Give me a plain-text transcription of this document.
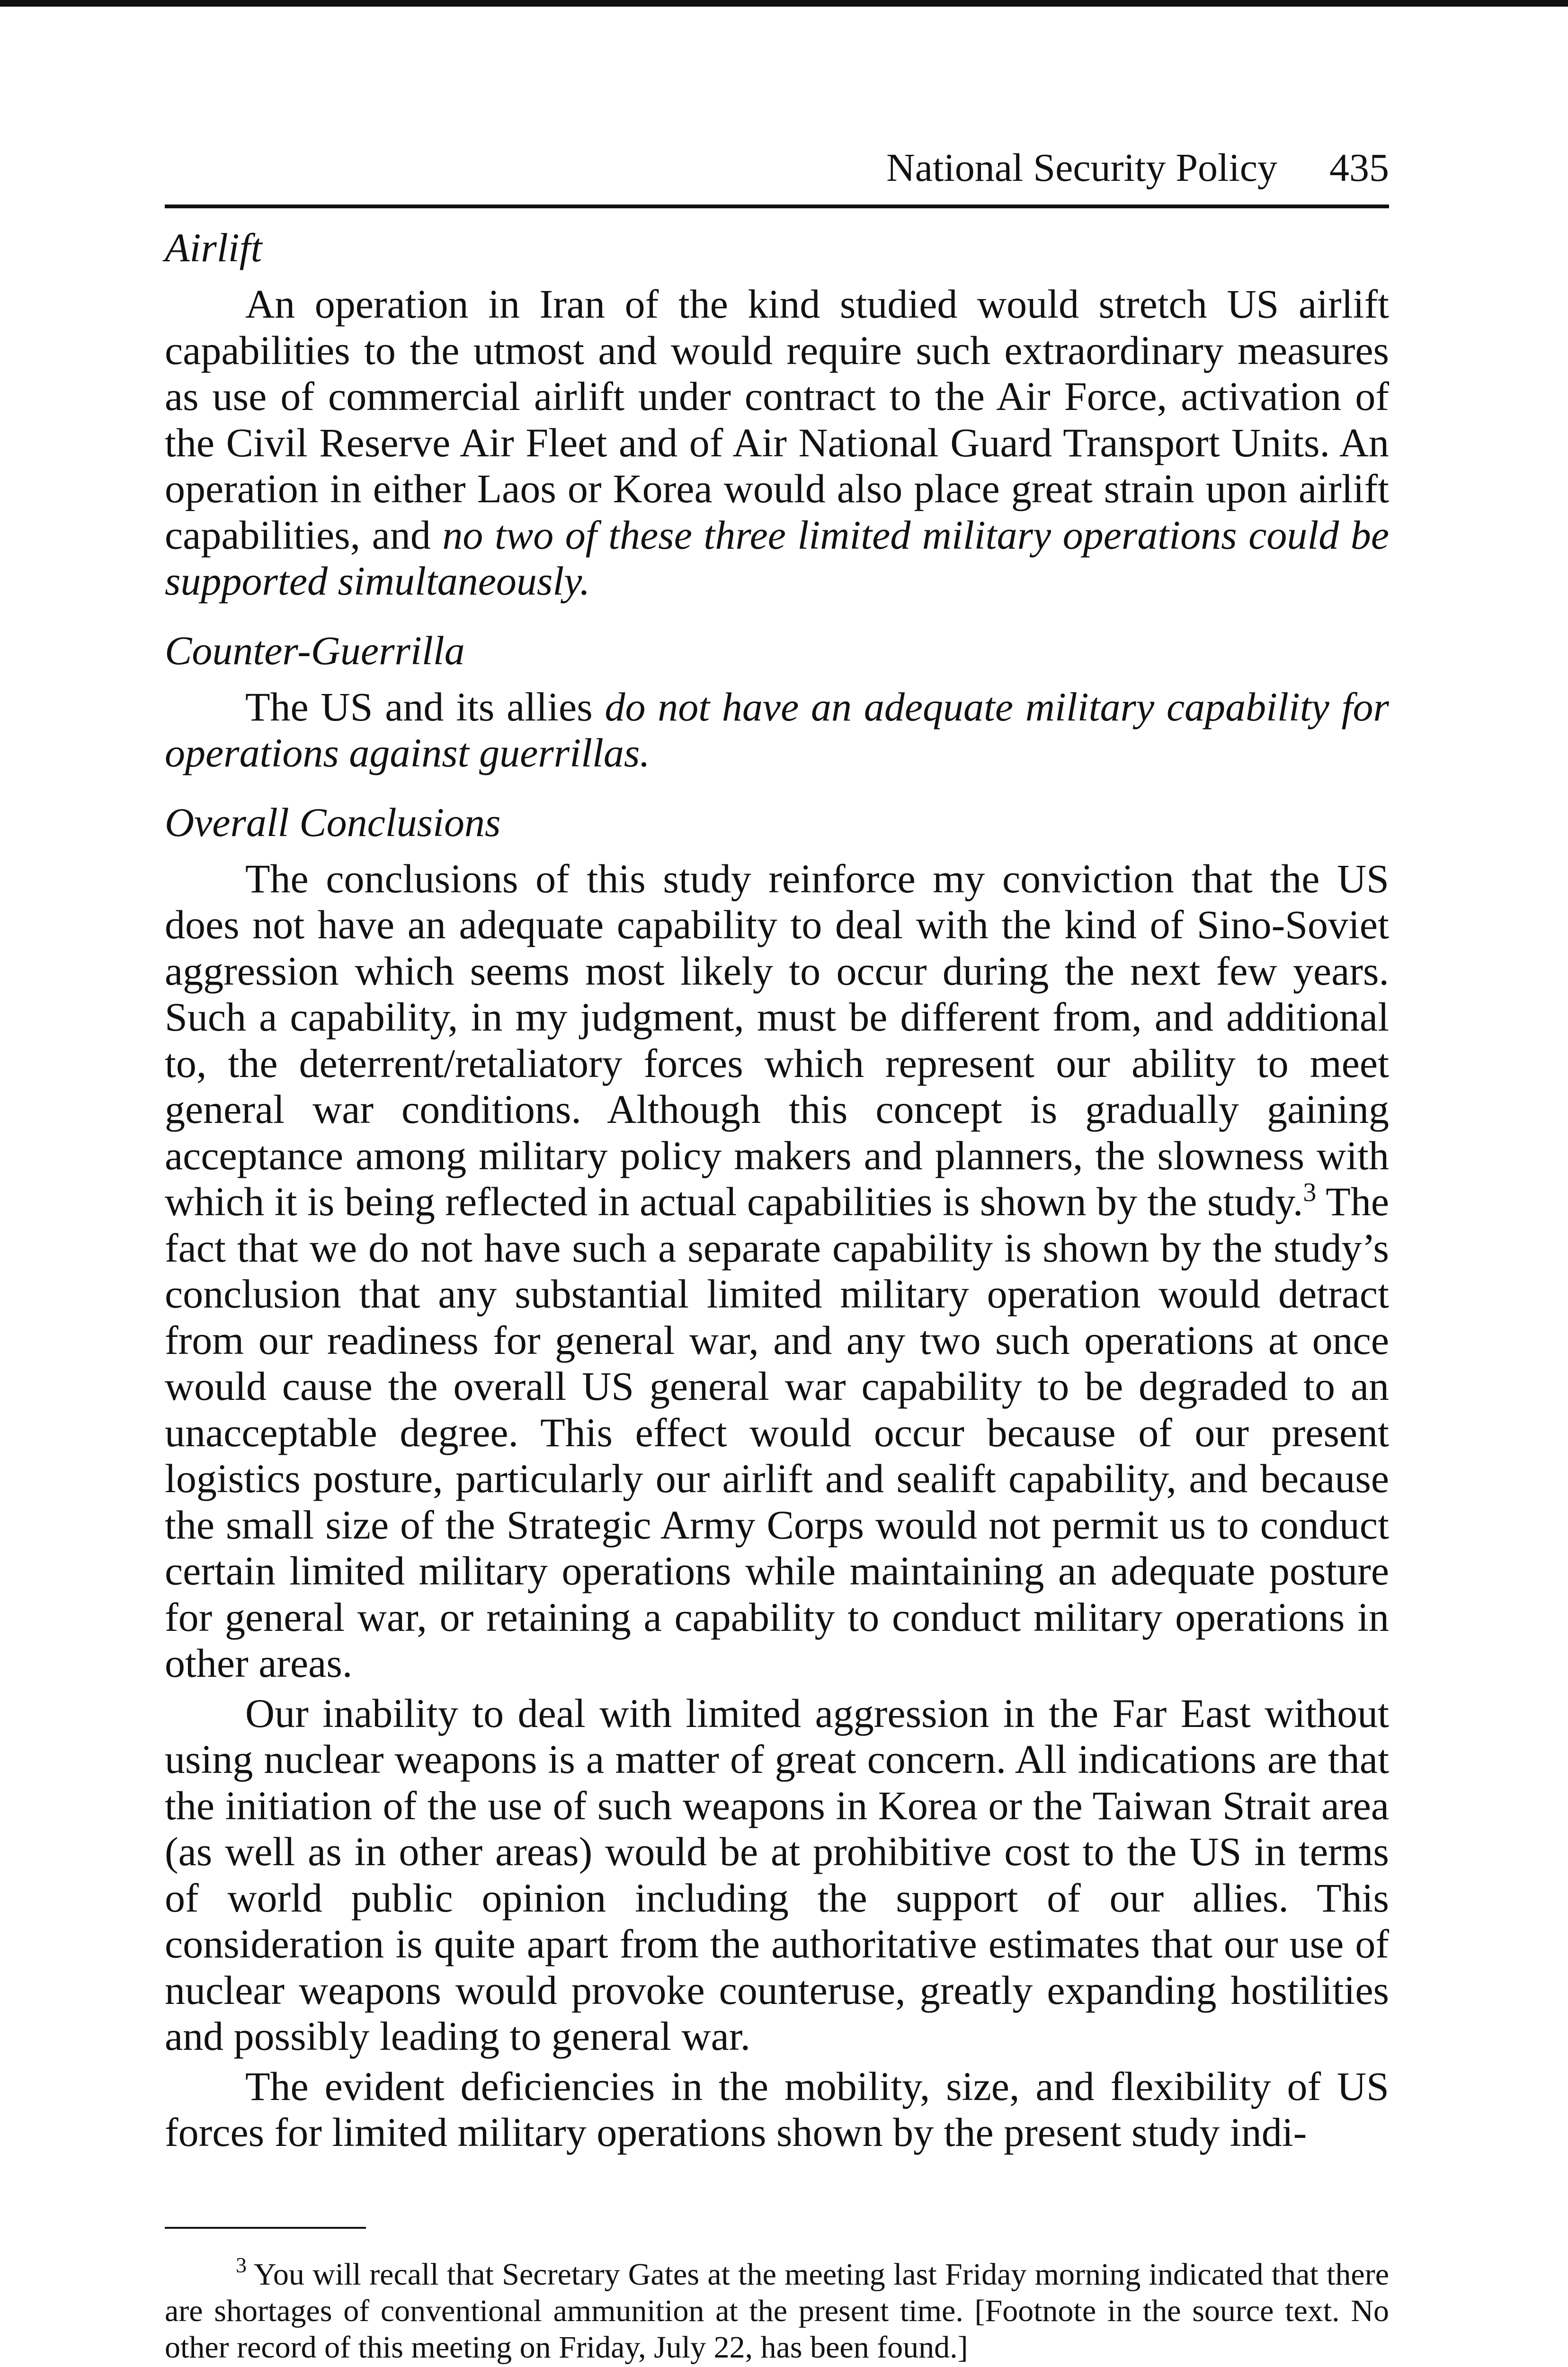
National Security Policy 435
Airlift

An operation in Iran of the kind studied would stretch US airlift capabilities to the utmost and would require such extraordinary measures as use of commercial airlift under contract to the Air Force, activation of the Civil Reserve Air Fleet and of Air National Guard Transport Units. An operation in either Laos or Korea would also place great strain upon airlift capabilities, and no two of these three limited military operations could be supported simultaneously.

Counter-Guerrilla

The US and its allies do not have an adequate military capability for operations against guerrillas.

Overall Conclusions

The conclusions of this study reinforce my conviction that the US does not have an adequate capability to deal with the kind of Sino-Soviet aggression which seems most likely to occur during the next few years. Such a capability, in my judgment, must be different from, and additional to, the deterrent/retaliatory forces which represent our ability to meet general war conditions. Although this concept is gradually gaining acceptance among military policy makers and planners, the slowness with which it is being reflected in actual capabilities is shown by the study.$^3$ The fact that we do not have such a separate capability is shown by the study’s conclusion that any substantial limited military operation would detract from our readiness for general war, and any two such operations at once would cause the overall US general war capability to be degraded to an unacceptable degree. This effect would occur because of our present logistics posture, particularly our airlift and sealift capability, and because the small size of the Strategic Army Corps would not permit us to conduct certain limited military operations while maintaining an adequate posture for general war, or retaining a capability to conduct military operations in other areas.

Our inability to deal with limited aggression in the Far East without using nuclear weapons is a matter of great concern. All indications are that the initiation of the use of such weapons in Korea or the Taiwan Strait area (as well as in other areas) would be at prohibitive cost to the US in terms of world public opinion including the support of our allies. This consideration is quite apart from the authoritative estimates that our use of nuclear weapons would provoke counteruse, greatly expanding hostilities and possibly leading to general war.

The evident deficiencies in the mobility, size, and flexibility of US forces for limited military operations shown by the present study indi-

$^3$ You will recall that Secretary Gates at the meeting last Friday morning indicated that there are shortages of conventional ammunition at the present time. [Footnote in the source text. No other record of this meeting on Friday, July 22, has been found.]
